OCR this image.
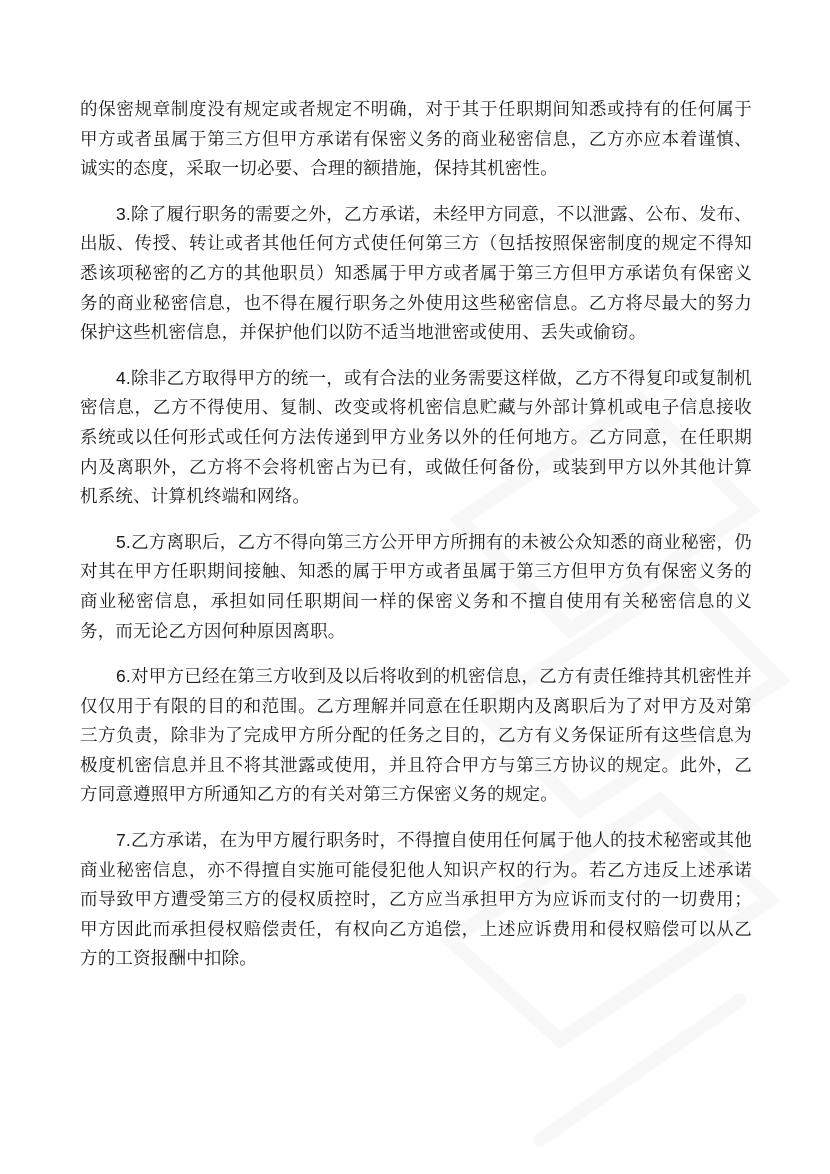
的保密规章制度没有规定或者规定不明确，对于其于任职期间知悉或持有的任何属于甲方或者虽属于第三方但甲方承诺有保密义务的商业秘密信息，乙方亦应本着谨慎、诚实的态度，采取一切必要、合理的额措施，保持其机密性。

3.除了履行职务的需要之外，乙方承诺，未经甲方同意，不以泄露、公布、发布、出版、传授、转让或者其他任何方式使任何第三方（包括按照保密制度的规定不得知悉该项秘密的乙方的其他职员）知悉属于甲方或者属于第三方但甲方承诺负有保密义务的商业秘密信息，也不得在履行职务之外使用这些秘密信息。乙方将尽最大的努力保护这些机密信息，并保护他们以防不适当地泄密或使用、丢失或偷窃。

4.除非乙方取得甲方的统一，或有合法的业务需要这样做，乙方不得复印或复制机密信息，乙方不得使用、复制、改变或将机密信息贮藏与外部计算机或电子信息接收系统或以任何形式或任何方法传递到甲方业务以外的任何地方。乙方同意，在任职期内及离职外，乙方将不会将机密占为已有，或做任何备份，或装到甲方以外其他计算机系统、计算机终端和网络。

5.乙方离职后，乙方不得向第三方公开甲方所拥有的未被公众知悉的商业秘密，仍对其在甲方任职期间接触、知悉的属于甲方或者虽属于第三方但甲方负有保密义务的商业秘密信息，承担如同任职期间一样的保密义务和不擅自使用有关秘密信息的义务，而无论乙方因何种原因离职。

6.对甲方已经在第三方收到及以后将收到的机密信息，乙方有责任维持其机密性并仅仅用于有限的目的和范围。乙方理解并同意在任职期内及离职后为了对甲方及对第三方负责，除非为了完成甲方所分配的任务之目的，乙方有义务保证所有这些信息为极度机密信息并且不将其泄露或使用，并且符合甲方与第三方协议的规定。此外，乙方同意遵照甲方所通知乙方的有关对第三方保密义务的规定。

7.乙方承诺，在为甲方履行职务时，不得擅自使用任何属于他人的技术秘密或其他商业秘密信息，亦不得擅自实施可能侵犯他人知识产权的行为。若乙方违反上述承诺而导致甲方遭受第三方的侵权质控时，乙方应当承担甲方为应诉而支付的一切费用；甲方因此而承担侵权赔偿责任，有权向乙方追偿，上述应诉费用和侵权赔偿可以从乙方的工资报酬中扣除。
